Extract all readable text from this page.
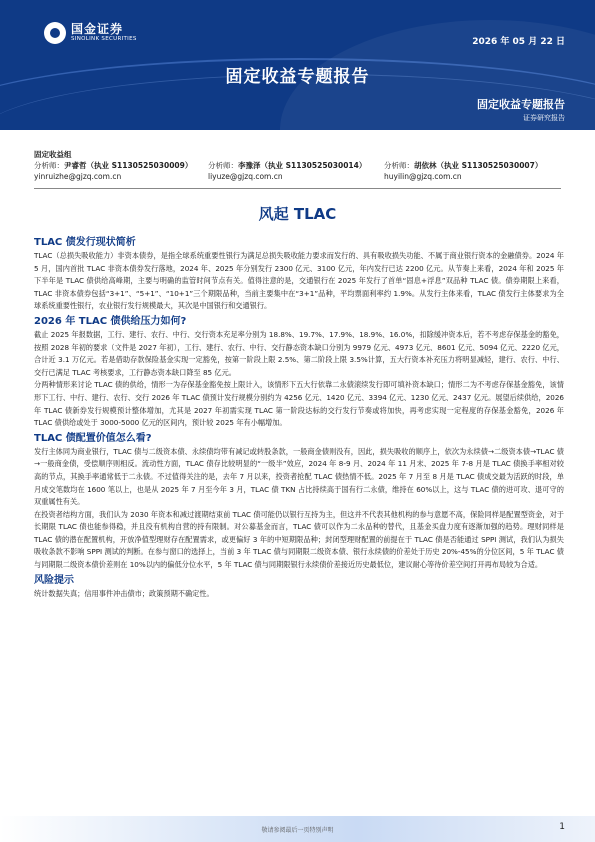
国金证券
SINOLINK SECURITIES	2026 年 05 月 22 日
固定收益专题报告
固定收益专题报告
证券研究报告
固定收益组
分析师：尹睿哲（执业 S1130525030009）	分析师：李豫泽（执业 S1130525030014）	分析师：胡依林（执业 S1130525030007）
yinruizhe@gjzq.com.cn	liyuze@gjzq.com.cn	huyilin@gjzq.com.cn
风起 TLAC
TLAC 债发行现状简析

TLAC（总损失吸收能力）非资本债券，是指全球系统重要性银行为满足总损失吸收能力要求而发行的、具有吸收损失功能、不属于商业银行资本的金融债券。2024 年 5 月，国内首批 TLAC 非资本债券发行落地，2024 年、2025 年分别发行 2300 亿元、3100 亿元，年内发行已达 2200 亿元。从节奏上来看，2024 年和 2025 年下半年是 TLAC 债供给高峰期，主要与明确的监管时间节点有关。值得注意的是，交通银行在 2025 年发行了首单“固息+浮息”双品种 TLAC 债。债券期限上来看，TLAC 非资本债券包括“3+1”、“5+1”、“10+1”三个期限品种，当前主要集中在“3+1”品种，平均票面利率约 1.9%。从发行主体来看，TLAC 债发行主体要求为全球系统重要性银行，农业银行发行规模最大，其次是中国银行和交通银行。

2026 年 TLAC 债供给压力如何?

截止 2025 年报数据，工行、建行、农行、中行、交行资本充足率分别为 18.8%、19.7%、17.9%、18.9%、16.0%，扣除缓冲资本后，若不考虑存保基金的豁免，按照 2028 年初的要求（文件是 2027 年初），工行、建行、农行、中行、交行静态资本缺口分别为 9979 亿元、4973 亿元、8601 亿元、5094 亿元、2220 亿元，合计近 3.1 万亿元。若是借助存款保险基金实现一定豁免，按第一阶段上限 2.5%、第二阶段上限 3.5%计算，五大行资本补充压力将明显减轻，建行、农行、中行、交行已满足 TLAC 考核要求，工行静态资本缺口降至 85 亿元。

分两种情形来讨论 TLAC 债的供给，情形一为存保基金豁免按上限计入，该情形下五大行依靠二永债滚续发行即可填补资本缺口；情形二为不考虑存保基金豁免，该情形下工行、中行、建行、农行、交行 2026 年 TLAC 债预计发行规模分别约为 4256 亿元、1420 亿元、3394 亿元、1230 亿元、2437 亿元。展望后续供给，2026 年 TLAC 债新券发行规模预计整体增加，尤其是 2027 年初需实现 TLAC 第一阶段达标的交行发行节奏或将加快，再考虑实现一定程度的存保基金豁免，2026 年 TLAC 债供给或处于 3000-5000 亿元的区间内，预计较 2025 年有小幅增加。

TLAC 债配置价值怎么看?

发行主体同为商业银行，TLAC 债与二级资本债、永续债均带有减记或转股条款，一般商金债则没有，因此，损失吸收的顺序上，依次为永续债→二级资本债→TLAC 债→一般商金债，受偿顺序则相反。流动性方面，TLAC 债存比较明显的“一级半”效应，2024 年 8-9 月、2024 年 11 月末、2025 年 7-8 月是 TLAC 债换手率相对较高的节点，其换手率通常低于二永债。不过值得关注的是，去年 7 月以来，投资者抢配 TLAC 债热情不低。2025 年 7 月至 8 月是 TLAC 债成交最为活跃的时段，单月成交笔数均在 1600 笔以上，也是从 2025 年 7 月至今年 3 月，TLAC 债 TKN 占比持续高于国有行二永债，维持在 60%以上，这与 TLAC 债的进可攻、退可守的双重属性有关。

在投资者结构方面，我们认为 2030 年资本和减过渡期结束前 TLAC 债可能仍以银行互持为主，但这并不代表其他机构的参与意愿不高，保险同样是配置型资金，对于长期限 TLAC 债也能参得稳，并且没有机构自营的持有限制。对公募基金而言，TLAC 债可以作为二永品种的替代，且基金买盘力度有逐渐加强的趋势。理财同样是 TLAC 债的潜在配置机构，开放净值型理财存在配置需求，或更偏好 3 年的中短期限品种；封闭型理财配置的前提在于 TLAC 债是否能通过 SPPI 测试，我们认为损失吸收条款不影响 SPPI 测试的判断。在参与窗口的选择上，当前 3 年 TLAC 债与同期限二级资本债、银行永续债的价差处于历史 20%-45%的分位区间，5 年 TLAC 债与同期限二级资本债价差则在 10%以内的偏低分位水平，5 年 TLAC 债与同期限银行永续债价差接近历史最低位，建议耐心等待价差空间打开再布局较为合适。

风险提示

统计数据失真；信用事件冲击债市；政策预期不确定性。

敬请参阅最后一页特别声明	1
